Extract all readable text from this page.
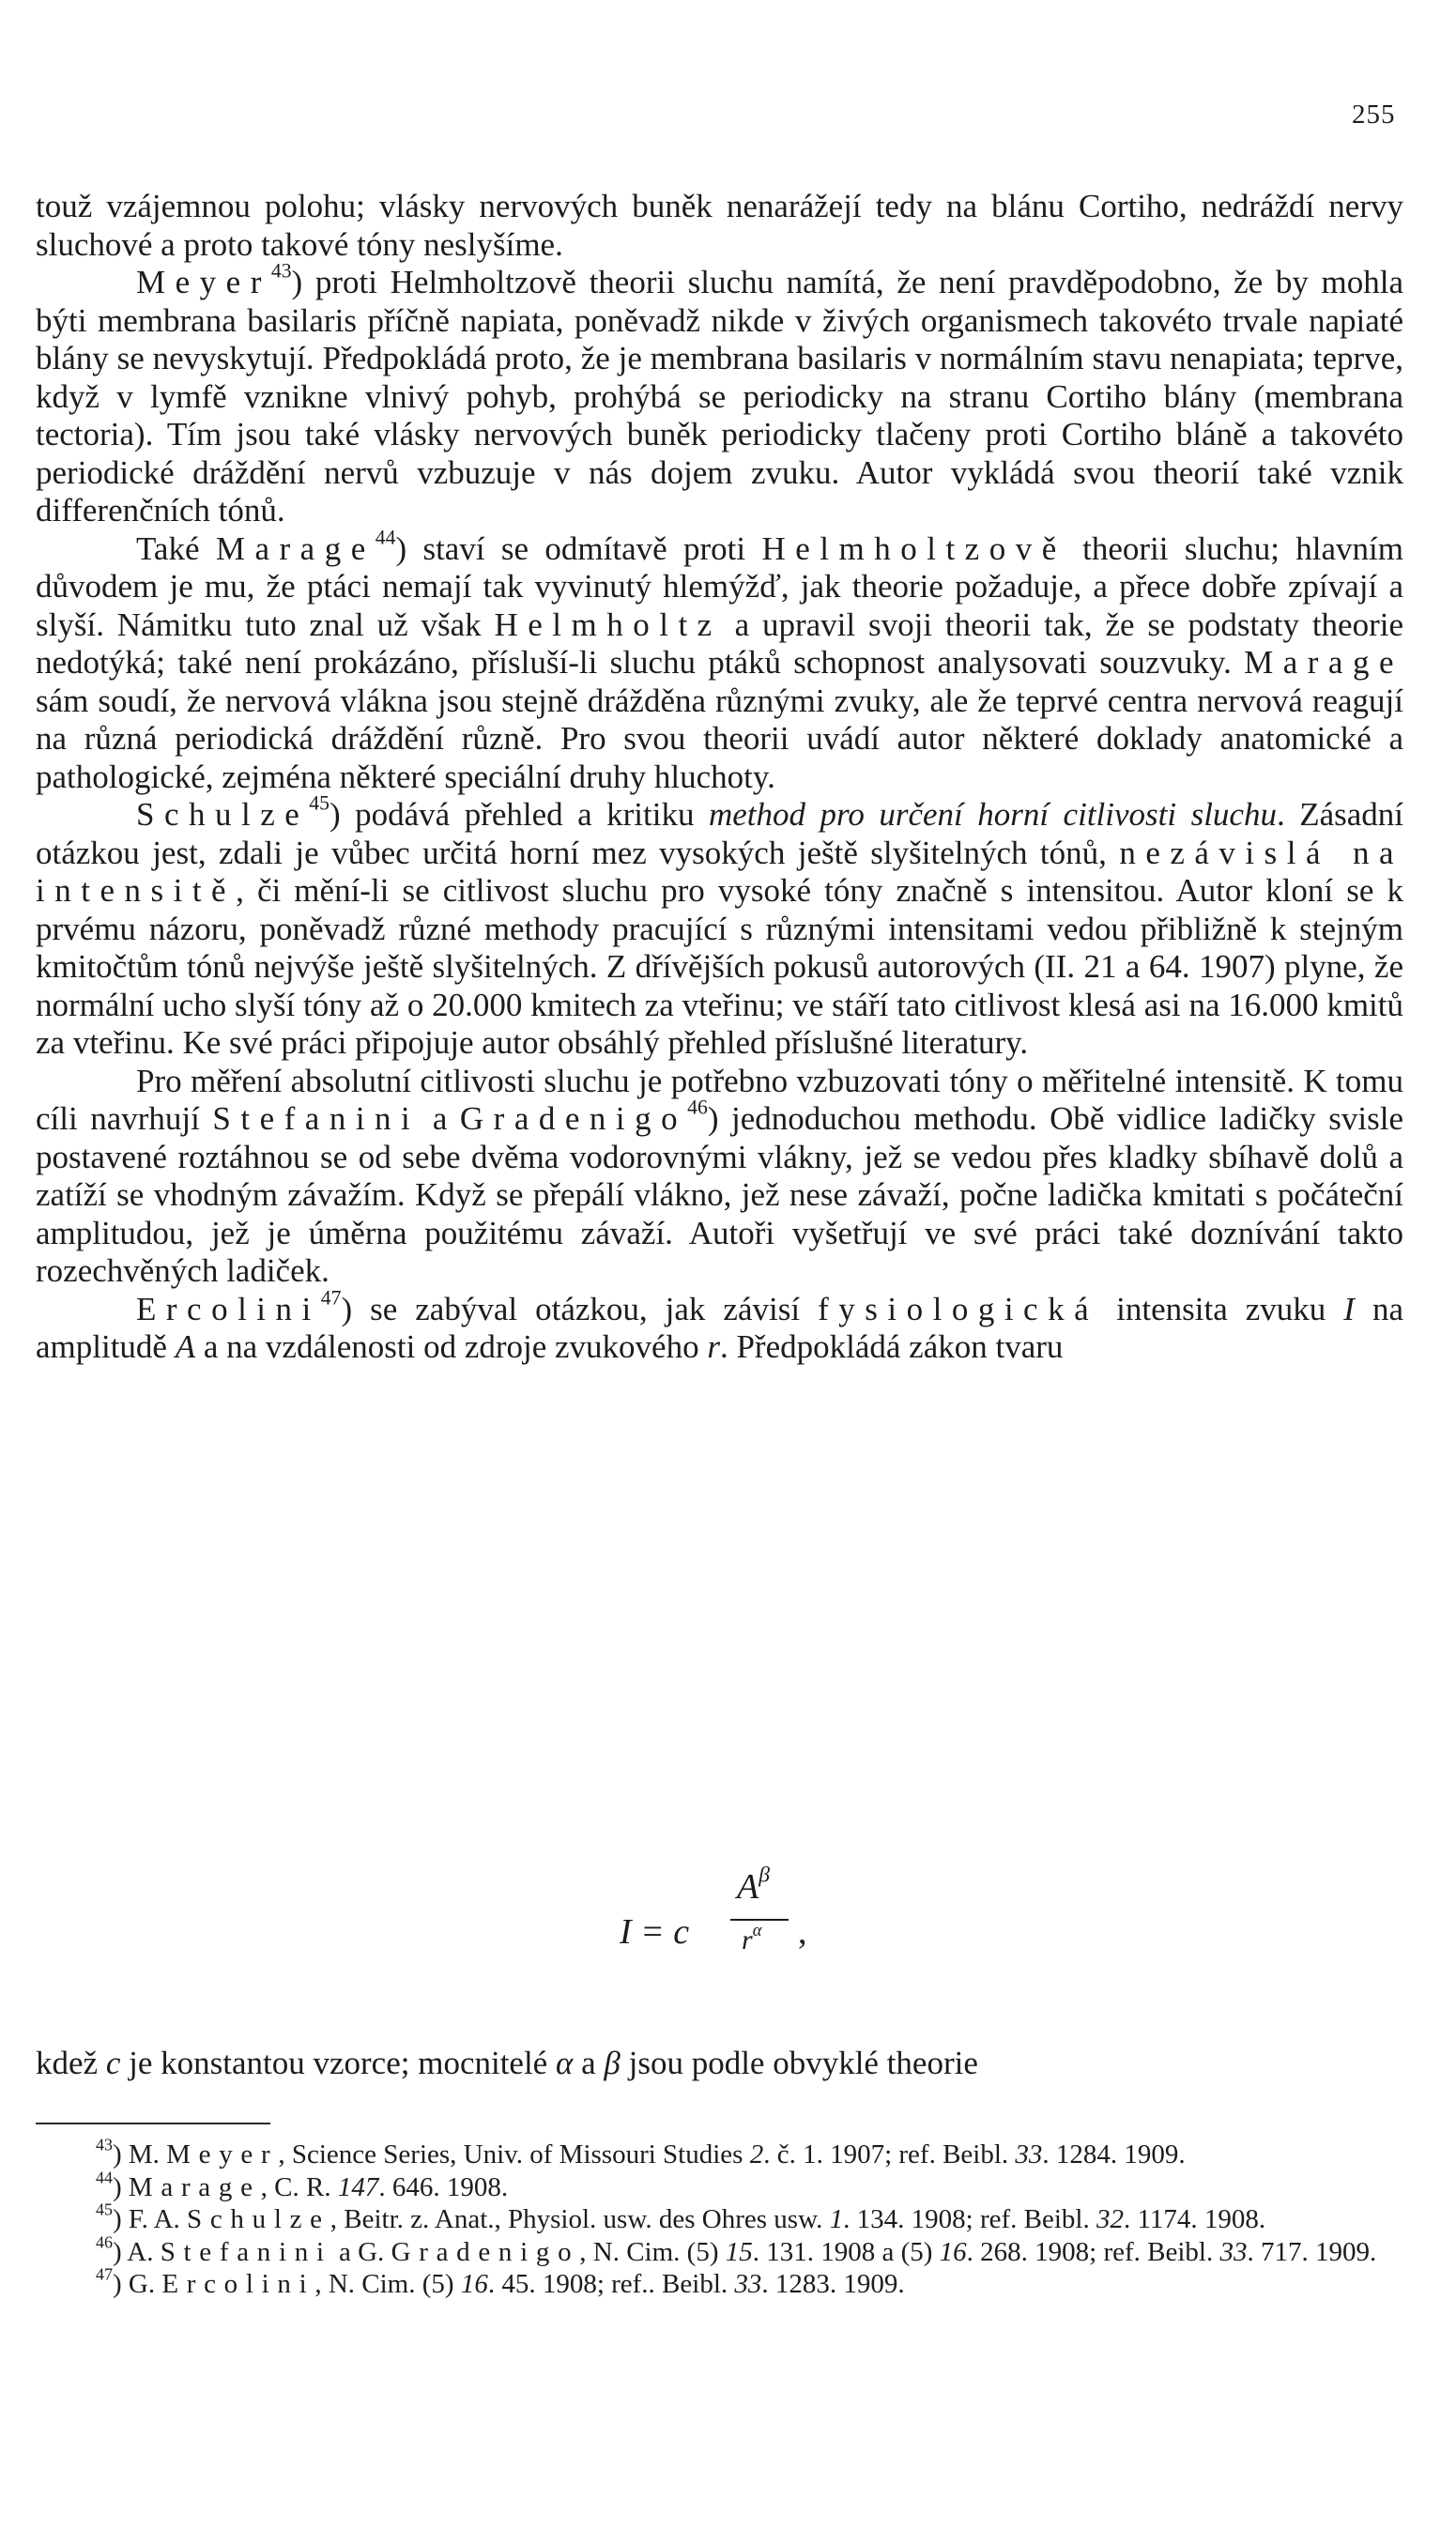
255

touž vzájemnou polohu; vlásky nervových buněk nenarážejí tedy na blánu Cortiho, nedráždí nervy sluchové a proto takové tóny neslyšíme.

Meyer$^{43}$) proti Helmholtzově theorii sluchu namítá, že není pravděpodobno, že by mohla býti membrana basilaris příčně napiata, poněvadž nikde v živých organismech takovéto trvale napiaté blány se nevyskytují. Předpokládá proto, že je membrana basilaris v normálním stavu nenapiata; teprve, když v lymfě vznikne vlnivý pohyb, prohýbá se periodicky na stranu Cortiho blány (membrana tectoria). Tím jsou také vlásky nervových buněk periodicky tlačeny proti Cortiho bláně a takovéto periodické dráždění nervů vzbuzuje v nás dojem zvuku. Autor vykládá svou theorií také vznik differenčních tónů.

Také Marage$^{44}$) staví se odmítavě proti Helmholtzově theorii sluchu; hlavním důvodem je mu, že ptáci nemají tak vyvinutý hlemýžď, jak theorie požaduje, a přece dobře zpívají a slyší. Námitku tuto znal už však Helmholtz a upravil svoji theorii tak, že se podstaty theorie nedotýká; také není prokázáno, přísluší-li sluchu ptáků schopnost analysovati souzvuky. Marage sám soudí, že nervová vlákna jsou stejně drážděna různými zvuky, ale že teprvé centra nervová reagují na různá periodická dráždění různě. Pro svou theorii uvádí autor některé doklady anatomické a pathologické, zejména některé speciální druhy hluchoty.

Schulze$^{45}$) podává přehled a kritiku method pro určení horní citlivosti sluchu. Zásadní otázkou jest, zdali je vůbec určitá horní mez vysokých ještě slyšitelných tónů, nezávislá na intensitě, či mění-li se citlivost sluchu pro vysoké tóny značně s intensitou. Autor kloní se k prvému názoru, poněvadž různé methody pracující s různými intensitami vedou přibližně k stejným kmitočtům tónů nejvýše ještě slyšitelných. Z dřívějších pokusů autorových (II. 21 a 64. 1907) plyne, že normální ucho slyší tóny až o 20.000 kmitech za vteřinu; ve stáří tato citlivost klesá asi na 16.000 kmitů za vteřinu. Ke své práci připojuje autor obsáhlý přehled příslušné literatury.

Pro měření absolutní citlivosti sluchu je potřebno vzbuzovati tóny o měřitelné intensitě. K tomu cíli navrhují Stefanini a Gradenigo$^{46}$) jednoduchou methodu. Obě vidlice ladičky svisle postavené roztáhnou se od sebe dvěma vodorovnými vlákny, jež se vedou přes kladky sbíhavě dolů a zatíží se vhodným závažím. Když se přepálí vlákno, jež nese závaží, počne ladička kmitati s počáteční amplitudou, jež je úměrna použitému závaží. Autoři vyšetřují ve své práci také doznívání takto rozechvěných ladiček.

Ercolini$^{47}$) se zabýval otázkou, jak závisí fysiologická intensita zvuku I na amplitudě A a na vzdálenosti od zdroje zvukového r. Předpokládá zákon tvaru

I = c
$A^\beta$
$r^\alpha$ ,
kdež c je konstantou vzorce; mocnitelé α a β jsou podle obvyklé theorie

$^{43}$) M. Meyer, Science Series, Univ. of Missouri Studies 2. č. 1. 1907; ref. Beibl. 33. 1284. 1909.

$^{44}$) Marage, C. R. 147. 646. 1908.

$^{45}$) F. A. Schulze, Beitr. z. Anat., Physiol. usw. des Ohres usw. 1. 134. 1908; ref. Beibl. 32. 1174. 1908.

$^{46}$) A. Stefanini a G. Gradenigo, N. Cim. (5) 15. 131. 1908 a (5) 16. 268. 1908; ref. Beibl. 33. 717. 1909.

$^{47}$) G. Ercolini, N. Cim. (5) 16. 45. 1908; ref.. Beibl. 33. 1283. 1909.
